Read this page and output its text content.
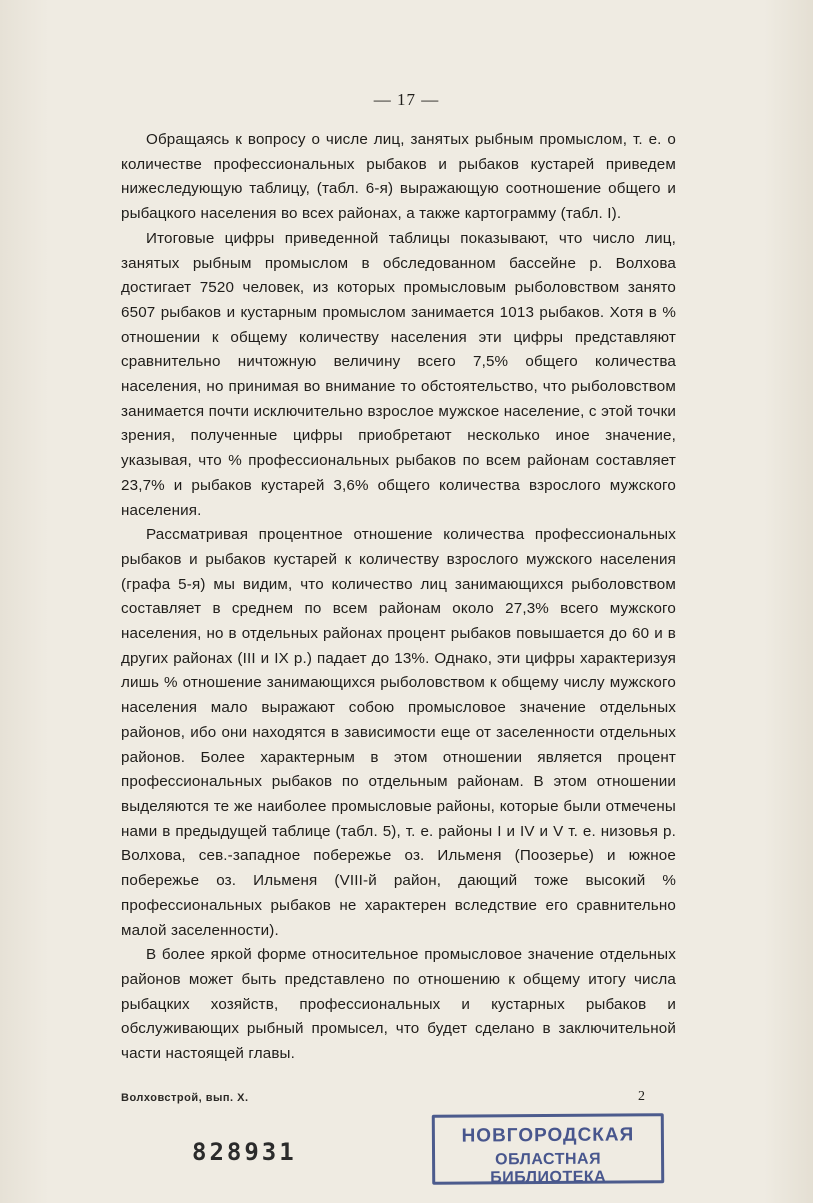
— 17 —

Обращаясь к вопросу о числе лиц, занятых рыбным промыслом, т. е. о количестве профессиональных рыбаков и рыбаков кустарей приведем нижеследующую таблицу, (табл. 6-я) выражающую соотношение общего и рыбацкого населения во всех районах, а также картограмму (табл. I).

Итоговые цифры приведенной таблицы показывают, что число лиц, занятых рыбным промыслом в обследованном бассейне р. Волхова достигает 7520 человек, из которых промысловым рыболовством занято 6507 рыбаков и кустарным промыслом занимается 1013 рыбаков. Хотя в % отношении к общему количеству населения эти цифры представляют сравнительно ничтожную величину всего 7,5% общего количества населения, но принимая во внимание то обстоятельство, что рыболовством занимается почти исключительно взрослое мужское население, с этой точки зрения, полученные цифры приобретают несколько иное значение, указывая, что % профессиональных рыбаков по всем районам составляет 23,7% и рыбаков кустарей 3,6% общего количества взрослого мужского населения.

Рассматривая процентное отношение количества профессиональных рыбаков и рыбаков кустарей к количеству взрослого мужского населения (графа 5-я) мы видим, что количество лиц занимающихся рыболовством составляет в среднем по всем районам около 27,3% всего мужского населения, но в отдельных районах процент рыбаков повышается до 60 и в других районах (III и IX р.) падает до 13%. Однако, эти цифры характеризуя лишь % отношение занимающихся рыболовством к общему числу мужского населения мало выражают собою промысловое значение отдельных районов, ибо они находятся в зависимости еще от заселенности отдельных районов. Более характерным в этом отношении является процент профессиональных рыбаков по отдельным районам. В этом отношении выделяются те же наиболее промысловые районы, которые были отмечены нами в предыдущей таблице (табл. 5), т. е. районы I и IV и V т. е. низовья р. Волхова, сев.-западное побережье оз. Ильменя (Поозерье) и южное побережье оз. Ильменя (VIII-й район, дающий тоже высокий % профессиональных рыбаков не характерен вследствие его сравнительно малой заселенности).

В более яркой форме относительное промысловое значение отдельных районов может быть представлено по отношению к общему итогу числа рыбацких хозяйств, профессиональных и кустарных рыбаков и обслуживающих рыбный промысел, что будет сделано в заключительной части настоящей главы.

Волховстрой, вып. X.	2
828931
НОВГОРОДСКАЯ
ОБЛАСТНАЯ БИБЛИОТЕКА
